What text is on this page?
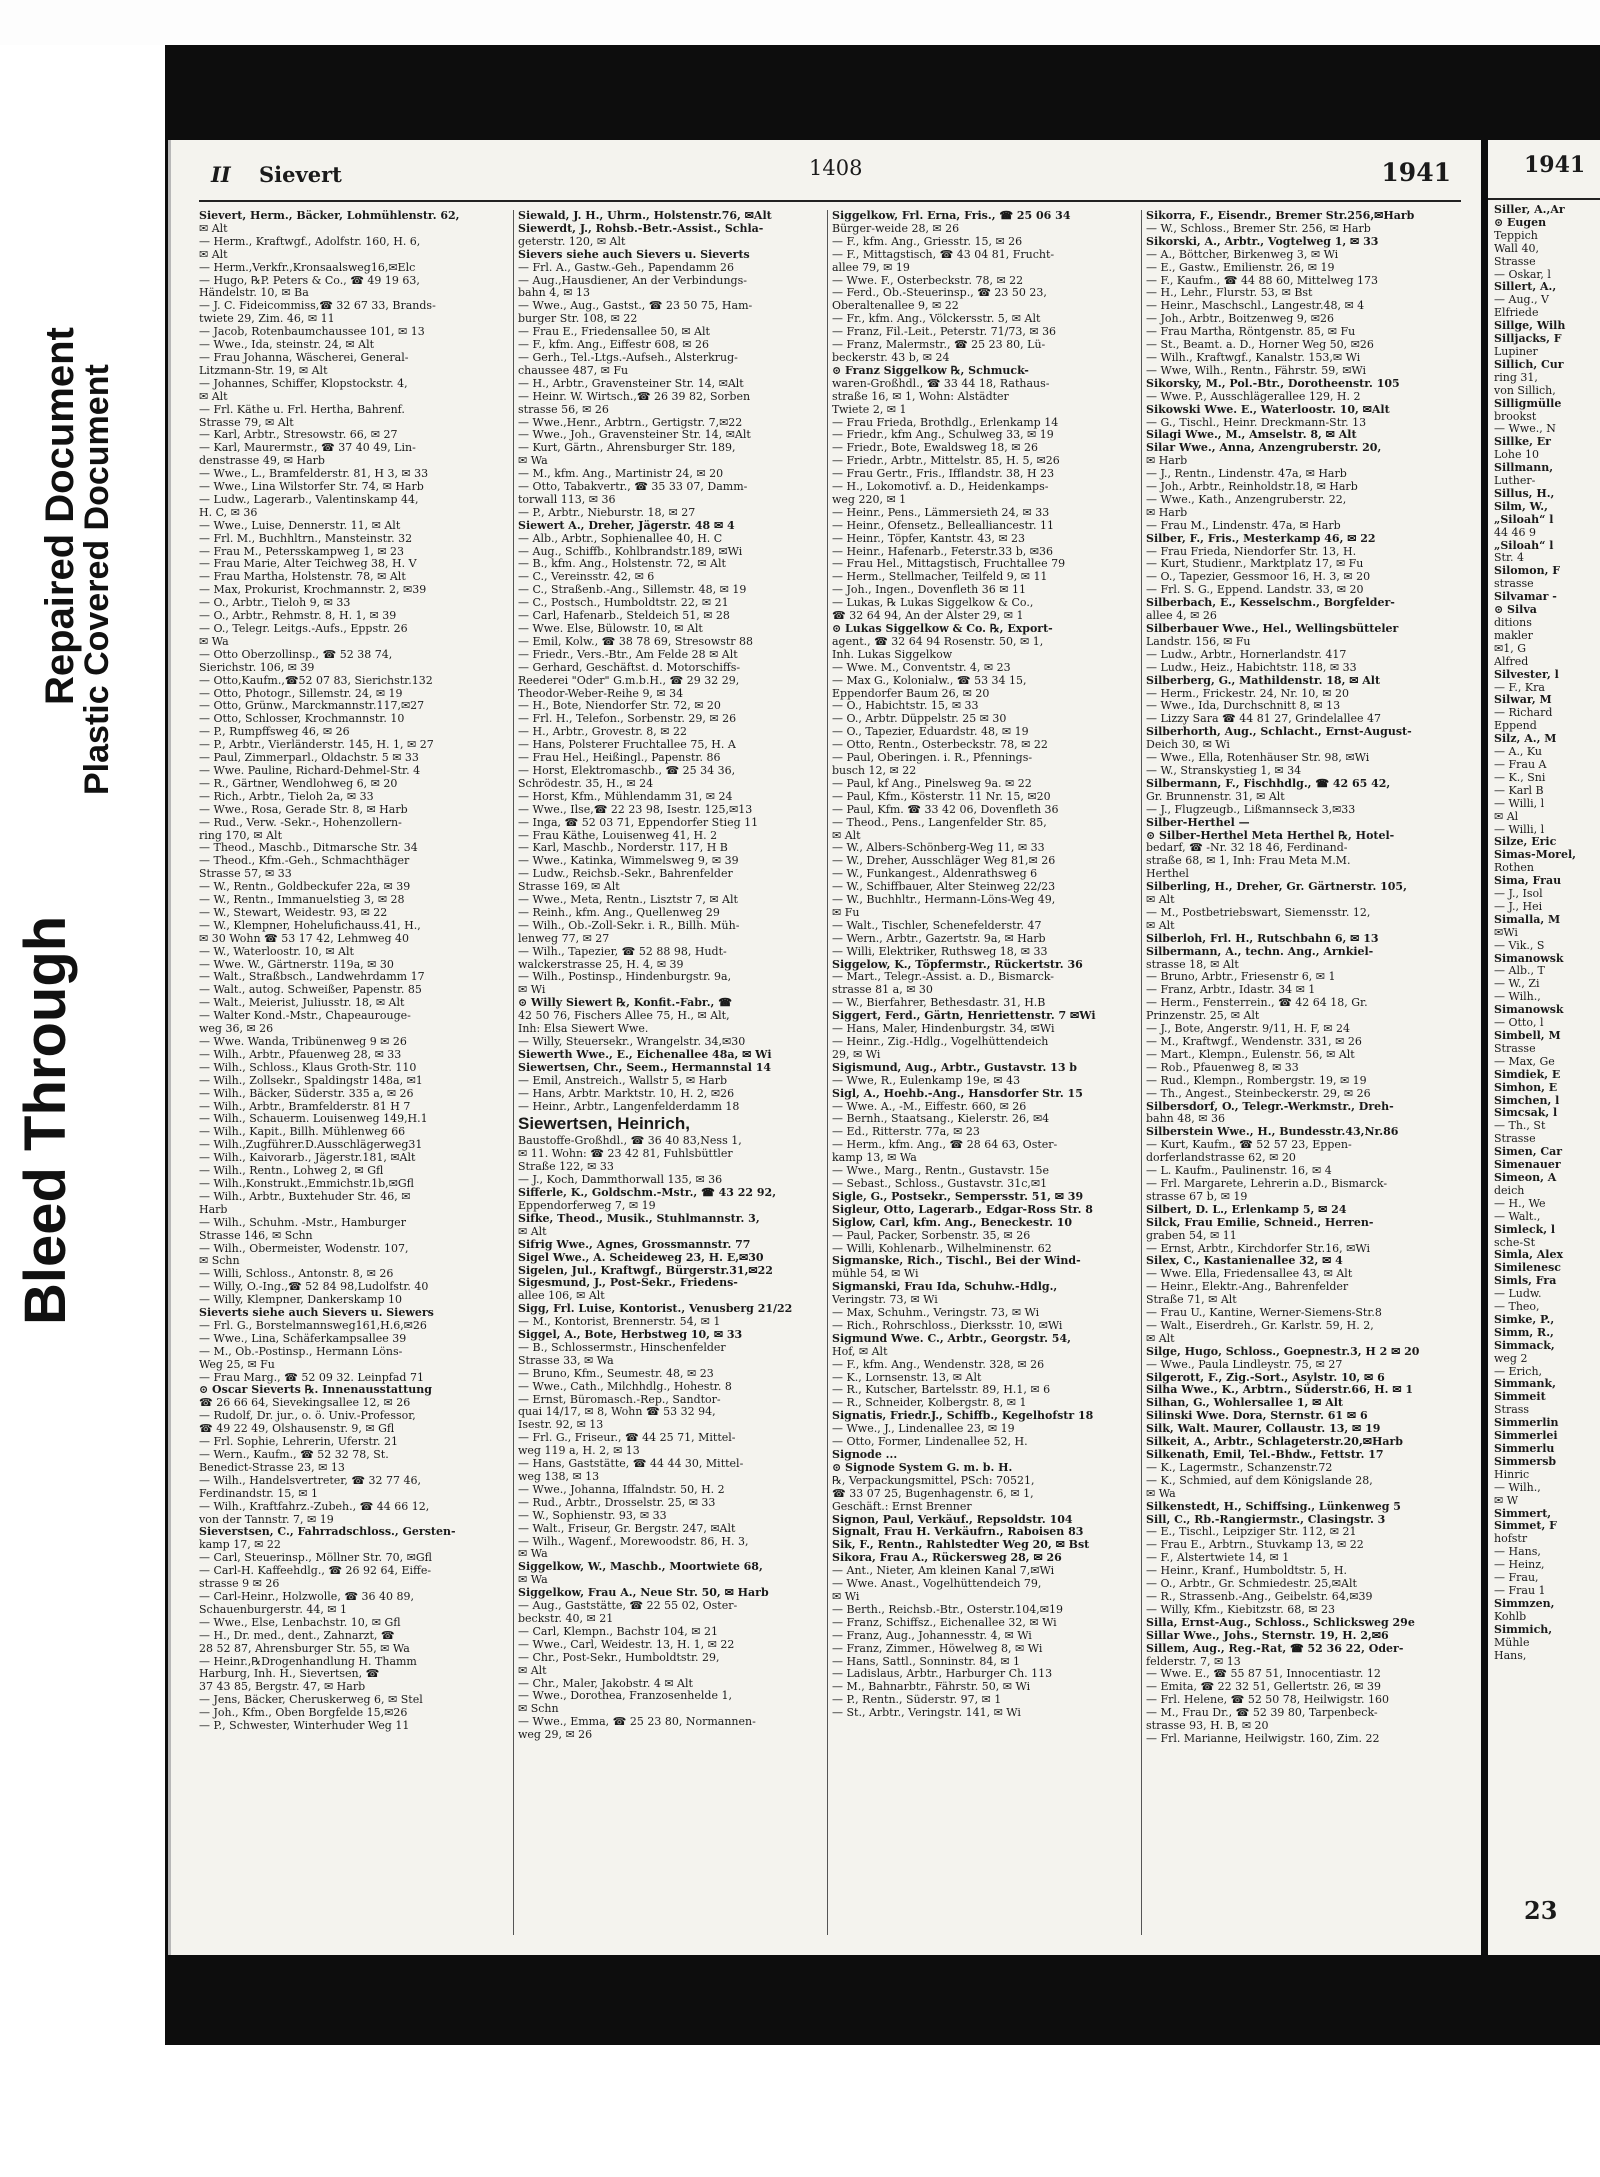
Bleed Through
Repaired Document
Plastic Covered Document
II Sievert	1408	1941
Sievert, Herm., Bäcker, Lohmühlenstr. 62,
✉ Alt
— Herm., Kraftwgf., Adolfstr. 160, H. 6,
✉ Alt
— Herm.,Verkfr.,Kronsaalsweg16,✉Elc
— Hugo, ℞P. Peters & Co., ☎ 49 19 63,
Händelstr. 10, ✉ Ba
— J. C. Fideicommiss,☎ 32 67 33, Brands-
twiete 29, Zim. 46, ✉ 11
— Jacob, Rotenbaumchaussee 101, ✉ 13
— Wwe., Ida, steinstr. 24, ✉ Alt
— Frau Johanna, Wäscherei, General-
Litzmann-Str. 19, ✉ Alt
— Johannes, Schiffer, Klopstockstr. 4,
✉ Alt
— Frl. Käthe u. Frl. Hertha, Bahrenf.
Strasse 79, ✉ Alt
— Karl, Arbtr., Stresowstr. 66, ✉ 27
— Karl, Maurermstr., ☎ 37 40 49, Lin-
denstrasse 49, ✉ Harb
— Wwe., L., Bramfelderstr. 81, H 3, ✉ 33
— Wwe., Lina Wilstorfer Str. 74, ✉ Harb
— Ludw., Lagerarb., Valentinskamp 44,
H. C, ✉ 36
— Wwe., Luise, Dennerstr. 11, ✉ Alt
— Frl. M., Buchhltrn., Mansteinstr. 32
— Frau M., Petersskampweg 1, ✉ 23
— Frau Marie, Alter Teichweg 38, H. V
— Frau Martha, Holstenstr. 78, ✉ Alt
— Max, Prokurist, Krochmannstr. 2, ✉39
— O., Arbtr., Tieloh 9, ✉ 33
— O., Arbtr., Rehmstr. 8, H. 1, ✉ 39
— O., Telegr. Leitgs.-Aufs., Eppstr. 26
✉ Wa
— Otto Oberzollinsp., ☎ 52 38 74,
Sierichstr. 106, ✉ 39
— Otto,Kaufm.,☎52 07 83, Sierichstr.132
— Otto, Photogr., Sillemstr. 24, ✉ 19
— Otto, Grünw., Marckmannstr.117,✉27
— Otto, Schlosser, Krochmannstr. 10
— P., Rumpffsweg 46, ✉ 26
— P., Arbtr., Vierländerstr. 145, H. 1, ✉ 27
— Paul, Zimmerparl., Oldachstr. 5 ✉ 33
— Wwe. Pauline, Richard-Dehmel-Str. 4
— R., Gärtner, Wendlohweg 6, ✉ 20
— Rich., Arbtr., Tieloh 2a, ✉ 33
— Wwe., Rosa, Gerade Str. 8, ✉ Harb
— Rud., Verw. -Sekr.-, Hohenzollern-
ring 170, ✉ Alt
— Theod., Maschb., Ditmarsche Str. 34
— Theod., Kfm.-Geh., Schmachthäger
Strasse 57, ✉ 33
— W., Rentn., Goldbeckufer 22a, ✉ 39
— W., Rentn., Immanuelstieg 3, ✉ 28
— W., Stewart, Weidestr. 93, ✉ 22
— W., Klempner, Hohelufichauss.41, H.,
✉ 30 Wohn ☎ 53 17 42, Lehmweg 40
— W., Waterloostr. 10, ✉ Alt
— Wwe. W., Gärtnerstr. 119a, ✉ 30
— Walt., Straßbsch., Landwehrdamm 17
— Walt., autog. Schweißer, Papenstr. 85
— Walt., Meierist, Juliusstr. 18, ✉ Alt
— Walter Kond.-Mstr., Chapeaurouge-
weg 36, ✉ 26
— Wwe. Wanda, Tribünenweg 9 ✉ 26
— Wilh., Arbtr., Pfauenweg 28, ✉ 33
— Wilh., Schloss., Klaus Groth-Str. 110
— Wilh., Zollsekr., Spaldingstr 148a, ✉1
— Wilh., Bäcker, Süderstr. 335 a, ✉ 26
— Wilh., Arbtr., Bramfelderstr. 81 H 7
— Wilh., Schauerm. Louisenweg 149,H.1
— Wilh., Kapit., Billh. Mühlenweg 66
— Wilh.,Zugführer.D.Ausschlägerweg31
— Wilh., Kaivorarb., Jägerstr.181, ✉Alt
— Wilh., Rentn., Lohweg 2, ✉ Gfl
— Wilh.,Konstrukt.,Emmichstr.1b,✉Gfl
— Wilh., Arbtr., Buxtehuder Str. 46, ✉
Harb
— Wilh., Schuhm. -Mstr., Hamburger
Strasse 146, ✉ Schn
— Wilh., Obermeister, Wodenstr. 107,
✉ Schn
— Willi, Schloss., Antonstr. 8, ✉ 26
— Willy, O.-Ing.,☎ 52 84 98,Ludolfstr. 40
— Willy, Klempner, Dankerskamp 10
Sieverts siehe auch Sievers u. Siewers
— Frl. G., Borstelmannsweg161,H.6,✉26
— Wwe., Lina, Schäferkampsallee 39
— M., Ob.-Postinsp., Hermann Löns-
Weg 25, ✉ Fu
— Frau Marg., ☎ 52 09 32. Leinpfad 71
⊙ Oscar Sieverts ℞. Innenausstattung
☎ 26 66 64, Sievekingsallee 12, ✉ 26
— Rudolf, Dr. jur., o. ö. Univ.-Professor,
☎ 49 22 49, Olshausenstr. 9, ✉ Gfl
— Frl. Sophie, Lehrerin, Uferstr. 21
— Wern., Kaufm., ☎ 52 32 78, St.
Benedict-Strasse 23, ✉ 13
— Wilh., Handelsvertreter, ☎ 32 77 46,
Ferdinandstr. 15, ✉ 1
— Wilh., Kraftfahrz.-Zubeh., ☎ 44 66 12,
von der Tannstr. 7, ✉ 19
Sieverstsen, C., Fahrradschloss., Gersten-
kamp 17, ✉ 22
— Carl, Steuerinsp., Möllner Str. 70, ✉Gfl
— Carl-H. Kaffeehdlg., ☎ 26 92 64, Eiffe-
strasse 9 ✉ 26
— Carl-Heinr., Holzwolle, ☎ 36 40 89,
Schauenburgerstr. 44, ✉ 1
— Wwe., Else, Lenbachstr. 10, ✉ Gfl
— H., Dr. med., dent., Zahnarzt, ☎
28 52 87, Ahrensburger Str. 55, ✉ Wa
— Heinr.,℞Drogenhandlung H. Thamm
Harburg, Inh. H., Sievertsen, ☎
37 43 85, Bergstr. 47, ✉ Harb
— Jens, Bäcker, Cheruskerweg 6, ✉ Stel
— Joh., Kfm., Oben Borgfelde 15,✉26
— P., Schwester, Winterhuder Weg 11
Siewald, J. H., Uhrm., Holstenstr.76, ✉Alt
Siewerdt, J., Rohsb.-Betr.-Assist., Schla-
geterstr. 120, ✉ Alt
Sievers siehe auch Sievers u. Sieverts
— Frl. A., Gastw.-Geh., Papendamm 26
— Aug.,Hausdiener, An der Verbindungs-
bahn 4, ✉ 13
— Wwe., Aug., Gastst., ☎ 23 50 75, Ham-
burger Str. 108, ✉ 22
— Frau E., Friedensallee 50, ✉ Alt
— F., kfm. Ang., Eiffestr 608, ✉ 26
— Gerh., Tel.-Ltgs.-Aufseh., Alsterkrug-
chaussee 487, ✉ Fu
— H., Arbtr., Gravensteiner Str. 14, ✉Alt
— Heinr. W. Wirtsch.,☎ 26 39 82, Sorben
strasse 56, ✉ 26
— Wwe.,Henr., Arbtrn., Gertigstr. 7,✉22
— Wwe., Joh., Gravensteiner Str. 14, ✉Alt
— Kurt, Gärtn., Ahrensburger Str. 189,
✉ Wa
— M., kfm. Ang., Martinistr 24, ✉ 20
— Otto, Tabakvertr., ☎ 35 33 07, Damm-
torwall 113, ✉ 36
— P., Arbtr., Nieburstr. 18, ✉ 27
Siewert A., Dreher, Jägerstr. 48 ✉ 4
— Alb., Arbtr., Sophienallee 40, H. C
— Aug., Schiffb., Kohlbrandstr.189, ✉Wi
— B., kfm. Ang., Holstenstr. 72, ✉ Alt
— C., Vereinsstr. 42, ✉ 6
— C., Straßenb.-Ang., Sillemstr. 48, ✉ 19
— C., Postsch., Humboldtstr. 22, ✉ 21
— Carl, Hafenarb., Steldeich 51, ✉ 28
— Wwe. Else, Bülowstr. 10, ✉ Alt
— Emil, Kolw., ☎ 38 78 69, Stresowstr 88
— Friedr., Vers.-Btr., Am Felde 28 ✉ Alt
— Gerhard, Geschäftst. d. Motorschiffs-
Reederei "Oder" G.m.b.H., ☎ 29 32 29,
Theodor-Weber-Reihe 9, ✉ 34
— H., Bote, Niendorfer Str. 72, ✉ 20
— Frl. H., Telefon., Sorbenstr. 29, ✉ 26
— H., Arbtr., Grovestr. 8, ✉ 22
— Hans, Polsterer Fruchtallee 75, H. A
— Frau Hel., Heißingl., Papenstr. 86
— Horst, Elektromaschb., ☎ 25 34 36,
Schrödestr. 35, H., ✉ 24
— Horst, Kfm., Mühlendamm 31, ✉ 24
— Wwe., Ilse,☎ 22 23 98, Isestr. 125,✉13
— Inga, ☎ 52 03 71, Eppendorfer Stieg 11
— Frau Käthe, Louisenweg 41, H. 2
— Karl, Maschb., Norderstr. 117, H B
— Wwe., Katinka, Wimmelsweg 9, ✉ 39
— Ludw., Reichsb.-Sekr., Bahrenfelder
Strasse 169, ✉ Alt
— Wwe., Meta, Rentn., Lisztstr 7, ✉ Alt
— Reinh., kfm. Ang., Quellenweg 29
— Wilh., Ob.-Zoll-Sekr. i. R., Billh. Müh-
lenweg 77, ✉ 27
— Wilh., Tapezier, ☎ 52 88 98, Hudt-
walckerstrasse 25, H. 4, ✉ 39
— Wilh., Postinsp., Hindenburgstr. 9a,
✉ Wi
⊙ Willy Siewert ℞, Konfit.-Fabr., ☎
42 50 76, Fischers Allee 75, H., ✉ Alt,
Inh: Elsa Siewert Wwe.
— Willy, Steuersekr., Wrangelstr. 34,✉30
Siewerth Wwe., E., Eichenallee 48a, ✉ Wi
Siewertsen, Chr., Seem., Hermannstal 14
— Emil, Anstreich., Wallstr 5, ✉ Harb
— Hans, Arbtr. Marktstr. 10, H. 2, ✉26
— Heinr., Arbtr., Langenfelderdamm 18
Siewertsen, Heinrich,
Baustoffe-Großhdl., ☎ 36 40 83,Ness 1,
✉ 11. Wohn: ☎ 23 42 81, Fuhlsbüttler
Straße 122, ✉ 33
— J., Koch, Dammthorwall 135, ✉ 36
Sifferle, K., Goldschm.-Mstr., ☎ 43 22 92,
Eppendorferweg 7, ✉ 19
Sifke, Theod., Musik., Stuhlmannstr. 3,
✉ Alt
Sifrig Wwe., Agnes, Grossmannstr. 77
Sigel Wwe., A. Scheideweg 23, H. E,✉30
Sigelen, Jul., Kraftwgf., Bürgerstr.31,✉22
Sigesmund, J., Post-Sekr., Friedens-
allee 106, ✉ Alt
Sigg, Frl. Luise, Kontorist., Venusberg 21/22
— M., Kontorist, Brennerstr. 54, ✉ 1
Siggel, A., Bote, Herbstweg 10, ✉ 33
— B., Schlossermstr., Hinschenfelder
Strasse 33, ✉ Wa
— Bruno, Kfm., Seumestr. 48, ✉ 23
— Wwe., Cath., Milchhdlg., Hohestr. 8
— Ernst, Büromasch.-Rep., Sandtor-
quai 14/17, ✉ 8, Wohn ☎ 53 32 94,
Isestr. 92, ✉ 13
— Frl. G., Friseur., ☎ 44 25 71, Mittel-
weg 119 a, H. 2, ✉ 13
— Hans, Gaststätte, ☎ 44 44 30, Mittel-
weg 138, ✉ 13
— Wwe., Johanna, Iffalndstr. 50, H. 2
— Rud., Arbtr., Drosselstr. 25, ✉ 33
— W., Sophienstr. 93, ✉ 33
— Walt., Friseur, Gr. Bergstr. 247, ✉Alt
— Wilh., Wagenf., Morewoodstr. 86, H. 3,
✉ Wa
Siggelkow, W., Maschb., Moortwiete 68,
✉ Wa
Siggelkow, Frau A., Neue Str. 50, ✉ Harb
— Aug., Gaststätte, ☎ 22 55 02, Oster-
beckstr. 40, ✉ 21
— Carl, Klempn., Bachstr 104, ✉ 21
— Wwe., Carl, Weidestr. 13, H. 1, ✉ 22
— Chr., Post-Sekr., Humboldtstr. 29,
✉ Alt
— Chr., Maler, Jakobstr. 4 ✉ Alt
— Wwe., Dorothea, Franzosenhelde 1,
✉ Schn
— Wwe., Emma, ☎ 25 23 80, Normannen-
weg 29, ✉ 26
Siggelkow, Frl. Erna, Fris., ☎ 25 06 34
Bürger-weide 28, ✉ 26
— F., kfm. Ang., Griesstr. 15, ✉ 26
— F., Mittagstisch, ☎ 43 04 81, Frucht-
allee 79, ✉ 19
— Wwe. F., Osterbeckstr. 78, ✉ 22
— Ferd., Ob.-Steuerinsp., ☎ 23 50 23,
Oberaltenallee 9, ✉ 22
— Fr., kfm. Ang., Völckersstr. 5, ✉ Alt
— Franz, Fil.-Leit., Peterstr. 71/73, ✉ 36
— Franz, Malermstr., ☎ 25 23 80, Lü-
beckerstr. 43 b, ✉ 24
⊙ Franz Siggelkow ℞, Schmuck-
waren-Großhdl., ☎ 33 44 18, Rathaus-
straße 16, ✉ 1, Wohn: Alstädter
Twiete 2, ✉ 1
— Frau Frieda, Brothdlg., Erlenkamp 14
— Friedr., kfm Ang., Schulweg 33, ✉ 19
— Friedr., Bote, Ewaldsweg 18, ✉ 26
— Friedr., Arbtr., Mittelstr. 85, H. 5, ✉26
— Frau Gertr., Fris., Ifflandstr. 38, H 23
— H., Lokomotivf. a. D., Heidenkamps-
weg 220, ✉ 1
— Heinr., Pens., Lämmersieth 24, ✉ 33
— Heinr., Ofensetz., Bellealliancestr. 11
— Heinr., Töpfer, Kantstr. 43, ✉ 23
— Heinr., Hafenarb., Feterstr.33 b, ✉36
— Frau Hel., Mittagstisch, Fruchtallee 79
— Herm., Stellmacher, Teilfeld 9, ✉ 11
— Joh., Ingen., Dovenfleth 36 ✉ 11
— Lukas, ℞ Lukas Siggelkow & Co.,
☎ 32 64 94, An der Alster 29, ✉ 1
⊙ Lukas Siggelkow & Co. ℞, Export-
agent., ☎ 32 64 94 Rosenstr. 50, ✉ 1,
Inh. Lukas Siggelkow
— Wwe. M., Conventstr. 4, ✉ 23
— Max G., Kolonialw., ☎ 53 34 15,
Eppendorfer Baum 26, ✉ 20
— O., Habichtstr. 15, ✉ 33
— O., Arbtr. Düppelstr. 25 ✉ 30
— O., Tapezier, Eduardstr. 48, ✉ 19
— Otto, Rentn., Osterbeckstr. 78, ✉ 22
— Paul, Oberingen. i. R., Pfennings-
busch 12, ✉ 22
— Paul, kf Ang., Pinelsweg 9a. ✉ 22
— Paul, Kfm., Kösterstr. 11 Nr. 15, ✉20
— Paul, Kfm. ☎ 33 42 06, Dovenfleth 36
— Theod., Pens., Langenfelder Str. 85,
✉ Alt
— W., Albers-Schönberg-Weg 11, ✉ 33
— W., Dreher, Ausschläger Weg 81,✉ 26
— W., Funkangest., Aldenrathsweg 6
— W., Schiffbauer, Alter Steinweg 22/23
— W., Buchhltr., Hermann-Löns-Weg 49,
✉ Fu
— Walt., Tischler, Schenefelderstr. 47
— Wern., Arbtr., Gazertstr. 9a, ✉ Harb
— Willi, Elektriker, Ruthsweg 18, ✉ 33
Siggelow, K., Töpfermstr., Rückertstr. 36
— Mart., Telegr.-Assist. a. D., Bismarck-
strasse 81 a, ✉ 30
— W., Bierfahrer, Bethesdastr. 31, H.B
Siggert, Ferd., Gärtn, Henriettenstr. 7 ✉Wi
— Hans, Maler, Hindenburgstr. 34, ✉Wi
— Heinr., Zig.-Hdlg., Vogelhüttendeich
29, ✉ Wi
Sigismund, Aug., Arbtr., Gustavstr. 13 b
— Wwe, R., Eulenkamp 19e, ✉ 43
Sigl, A., Hoehb.-Ang., Hansdorfer Str. 15
— Wwe. A., -M., Eiffestr. 660, ✉ 26
— Bernh., Staatsang., Kielerstr. 26, ✉4
— Ed., Ritterstr. 77a, ✉ 23
— Herm., kfm. Ang., ☎ 28 64 63, Oster-
kamp 13, ✉ Wa
— Wwe., Marg., Rentn., Gustavstr. 15e
— Sebast., Schloss., Gustavstr. 31c,✉1
Sigle, G., Postsekr., Sempersstr. 51, ✉ 39
Sigleur, Otto, Lagerarb., Edgar-Ross Str. 8
Siglow, Carl, kfm. Ang., Beneckestr. 10
— Paul, Packer, Sorbenstr. 35, ✉ 26
— Willi, Kohlenarb., Wilhelminenstr. 62
Sigmanske, Rich., Tischl., Bei der Wind-
mühle 54, ✉ Wi
Sigmanski, Frau Ida, Schuhw.-Hdlg.,
Veringstr. 73, ✉ Wi
— Max, Schuhm., Veringstr. 73, ✉ Wi
— Rich., Rohrschloss., Dierksstr. 10, ✉Wi
Sigmund Wwe. C., Arbtr., Georgstr. 54,
Hof, ✉ Alt
— F., kfm. Ang., Wendenstr. 328, ✉ 26
— K., Lornsenstr. 13, ✉ Alt
— R., Kutscher, Bartelsstr. 89, H.1, ✉ 6
— R., Schneider, Kolbergstr. 8, ✉ 1
Signatis, Friedr.J., Schiffb., Kegelhofstr 18
— Wwe., J., Lindenallee 23, ✉ 19
— Otto, Former, Lindenallee 52, H.
Signode ...
⊙ Signode System G. m. b. H.
℞, Verpackungsmittel, PSch: 70521,
☎ 33 07 25, Bugenhagenstr. 6, ✉ 1,
Geschäft.: Ernst Brenner
Signon, Paul, Verkäuf., Repsoldstr. 104
Signalt, Frau H. Verkäufrn., Raboisen 83
Sik, F., Rentn., Rahlstedter Weg 20, ✉ Bst
Sikora, Frau A., Rückersweg 28, ✉ 26
— Ant., Nieter, Am kleinen Kanal 7,✉Wi
— Wwe. Anast., Vogelhüttendeich 79,
✉ Wi
— Berth., Reichsb.-Btr., Osterstr.104,✉19
— Franz, Schiffsz., Eichenallee 32, ✉ Wi
— Franz, Aug., Johannesstr. 4, ✉ Wi
— Franz, Zimmer., Höwelweg 8, ✉ Wi
— Hans, Sattl., Sonninstr. 84, ✉ 1
— Ladislaus, Arbtr., Harburger Ch. 113
— M., Bahnarbtr., Fährstr. 50, ✉ Wi
— P., Rentn., Süderstr. 97, ✉ 1
— St., Arbtr., Veringstr. 141, ✉ Wi
Sikorra, F., Eisendr., Bremer Str.256,✉Harb
— W., Schloss., Bremer Str. 256, ✉ Harb
Sikorski, A., Arbtr., Vogtelweg 1, ✉ 33
— A., Böttcher, Birkenweg 3, ✉ Wi
— E., Gastw., Emilienstr. 26, ✉ 19
— F., Kaufm., ☎ 44 88 60, Mittelweg 173
— H., Lehr., Flurstr. 53, ✉ Bst
— Heinr., Maschschl., Langestr.48, ✉ 4
— Joh., Arbtr., Boitzenweg 9, ✉26
— Frau Martha, Röntgenstr. 85, ✉ Fu
— St., Beamt. a. D., Horner Weg 50, ✉26
— Wilh., Kraftwgf., Kanalstr. 153,✉ Wi
— Wwe, Wilh., Rentn., Fährstr. 59, ✉Wi
Sikorsky, M., Pol.-Btr., Dorotheenstr. 105
— Wwe. P., Ausschlägerallee 129, H. 2
Sikowski Wwe. E., Waterloostr. 10, ✉Alt
— G., Tischl., Heinr. Dreckmann-Str. 13
Silagi Wwe., M., Amselstr. 8, ✉ Alt
Silar Wwe., Anna, Anzengruberstr. 20,
✉ Harb
— J., Rentn., Lindenstr. 47a, ✉ Harb
— Joh., Arbtr., Reinholdstr.18, ✉ Harb
— Wwe., Kath., Anzengruberstr. 22,
✉ Harb
— Frau M., Lindenstr. 47a, ✉ Harb
Silber, F., Fris., Mesterkamp 46, ✉ 22
— Frau Frieda, Niendorfer Str. 13, H.
— Kurt, Studienr., Marktplatz 17, ✉ Fu
— O., Tapezier, Gessmoor 16, H. 3, ✉ 20
— Frl. S. G., Eppend. Landstr. 33, ✉ 20
Silberbach, E., Kesselschm., Borgfelder-
allee 4, ✉ 26
Silberbauer Wwe., Hel., Wellingsbütteler
Landstr. 156, ✉ Fu
— Ludw., Arbtr., Hornerlandstr. 417
— Ludw., Heiz., Habichtstr. 118, ✉ 33
Silberberg, G., Mathildenstr. 18, ✉ Alt
— Herm., Frickestr. 24, Nr. 10, ✉ 20
— Wwe., Ida, Durchschnitt 8, ✉ 13
— Lizzy Sara ☎ 44 81 27, Grindelallee 47
Silberhorth, Aug., Schlacht., Ernst-August-
Deich 30, ✉ Wi
— Wwe., Ella, Rotenhäuser Str. 98, ✉Wi
— W., Stranskystieg 1, ✉ 34
Silbermann, F., Fischhdlg., ☎ 42 65 42,
Gr. Brunnenstr. 31, ✉ Alt
— J., Flugzeugb., Lißmannseck 3,✉33
Silber-Herthel —
⊙ Silber-Herthel Meta Herthel ℞, Hotel-
bedarf, ☎ -Nr. 32 18 46, Ferdinand-
straße 68, ✉ 1, Inh: Frau Meta M.M.
Herthel
Silberling, H., Dreher, Gr. Gärtnerstr. 105,
✉ Alt
— M., Postbetriebswart, Siemensstr. 12,
✉ Alt
Silberloh, Frl. H., Rutschbahn 6, ✉ 13
Silbermann, A., techn. Ang., Arnkiel-
strasse 18, ✉ Alt
— Bruno, Arbtr., Friesenstr 6, ✉ 1
— Franz, Arbtr., Idastr. 34 ✉ 1
— Herm., Fensterrein., ☎ 42 64 18, Gr.
Prinzenstr. 25, ✉ Alt
— J., Bote, Angerstr. 9/11, H. F, ✉ 24
— M., Kraftwgf., Wendenstr. 331, ✉ 26
— Mart., Klempn., Eulenstr. 56, ✉ Alt
— Rob., Pfauenweg 8, ✉ 33
— Rud., Klempn., Rombergstr. 19, ✉ 19
— Th., Angest., Steinbeckerstr. 29, ✉ 26
Silbersdorf, O., Telegr.-Werkmstr., Dreh-
bahn 48, ✉ 36
Silberstein Wwe., H., Bundesstr.43,Nr.86
— Kurt, Kaufm., ☎ 52 57 23, Eppen-
dorferlandstrasse 62, ✉ 20
— L. Kaufm., Paulinenstr. 16, ✉ 4
— Frl. Margarete, Lehrerin a.D., Bismarck-
strasse 67 b, ✉ 19
Silbert, D. L., Erlenkamp 5, ✉ 24
Silck, Frau Emilie, Schneid., Herren-
graben 54, ✉ 11
— Ernst, Arbtr., Kirchdorfer Str.16, ✉Wi
Silex, C., Kastanienallee 32, ✉ 4
— Wwe. Ella, Friedensallee 43, ✉ Alt
— Heinr., Elektr.-Ang., Bahrenfelder
Straße 71, ✉ Alt
— Frau U., Kantine, Werner-Siemens-Str.8
— Walt., Eiserdreh., Gr. Karlstr. 59, H. 2,
✉ Alt
Silge, Hugo, Schloss., Goepnestr.3, H 2 ✉ 20
— Wwe., Paula Lindleystr. 75, ✉ 27
Silgerott, F., Zig.-Sort., Asylstr. 10, ✉ 6
Silha Wwe., K., Arbtrn., Süderstr.66, H. ✉ 1
Silhan, G., Wohlersallee 1, ✉ Alt
Silinski Wwe. Dora, Sternstr. 61 ✉ 6
Silk, Walt. Maurer, Collaustr. 13, ✉ 19
Silkeit, A., Arbtr., Schlageterstr.20,✉Harb
Silkenath, Emil, Tel.-Bhdw., Fettstr. 17
— K., Lagermstr., Schanzenstr.72
— K., Schmied, auf dem Königslande 28,
✉ Wa
Silkenstedt, H., Schiffsing., Lünkenweg 5
Sill, C., Rb.-Rangiermstr., Clasingstr. 3
— E., Tischl., Leipziger Str. 112, ✉ 21
— Frau E., Arbtrn., Stuvkamp 13, ✉ 22
— F., Alstertwiete 14, ✉ 1
— Heinr., Kranf., Humboldtstr. 5, H.
— O., Arbtr., Gr. Schmiedestr. 25,✉Alt
— R., Strassenb.-Ang., Geibelstr. 64,✉39
— Willy, Kfm., Kiebitzstr. 68, ✉ 23
Silla, Ernst-Aug., Schloss., Schlicksweg 29e
Sillar Wwe., Johs., Sternstr. 19, H. 2,✉6
Sillem, Aug., Reg.-Rat, ☎ 52 36 22, Oder-
felderstr. 7, ✉ 13
— Wwe. E., ☎ 55 87 51, Innocentiastr. 12
— Emita, ☎ 22 32 51, Gellertstr. 26, ✉ 39
— Frl. Helene, ☎ 52 50 78, Heilwigstr. 160
— M., Frau Dr., ☎ 52 39 80, Tarpenbeck-
strasse 93, H. B, ✉ 20
— Frl. Marianne, Heilwigstr. 160, Zim. 22
1941
Siller, A.,Ar
⊙ Eugen
Teppich
Wall 40,
Strasse
— Oskar, l
Sillert, A.,
— Aug., V
Elfriede
Sillge, Wilh
Silljacks, F
Lupiner
Sillich, Cur
ring 31,
von Sillich,
Silligmülle
brookst
— Wwe., N
Sillke, Er
Lohe 10
Sillmann,
Luther-
Sillus, H.,
Silm, W.,
„Siloah“ l
44 46 9
„Siloah“ l
Str. 4
Silomon, F
strasse
Silvamar -
⊙ Silva
ditions
makler
✉1, G
Alfred
Silvester, l
— F., Kra
Silwar, M
— Richard
Eppend
Silz, A., M
— A., Ku
— Frau A
— K., Sni
— Karl B
— Willi, l
✉ Al
— Willi, l
Silze, Eric
Simas-Morel,
Rothen
Sima, Frau
— J., Isol
— J., Hei
Simalla, M
✉Wi
— Vik., S
Simanowsk
— Alb., T
— W., Zi
— Wilh.,
Simanowsk
— Otto, l
Simbell, M
Strasse
— Max, Ge
Simdiek, E
Simhon, E
Simchen, l
Simcsak, l
— Th., St
Strasse
Simen, Car
Simenauer
Simeon, A
deich
— H., We
— Walt.,
Simleck, l
sche-St
Simla, Alex
Similenesc
Simls, Fra
— Ludw.
— Theo,
Simke, P.,
Simm, R.,
Simmack,
weg 2
— Erich,
Simmank,
Simmeit
Strass
Simmerlin
Simmerlei
Simmerlu
Simmersb
Hinric
— Wilh.,
✉ W
Simmert,
Simmet, F
hofstr
— Hans,
— Heinz,
— Frau,
— Frau 1
Simmzen,
Kohlb
Simmich,
Mühle
Hans,
23
